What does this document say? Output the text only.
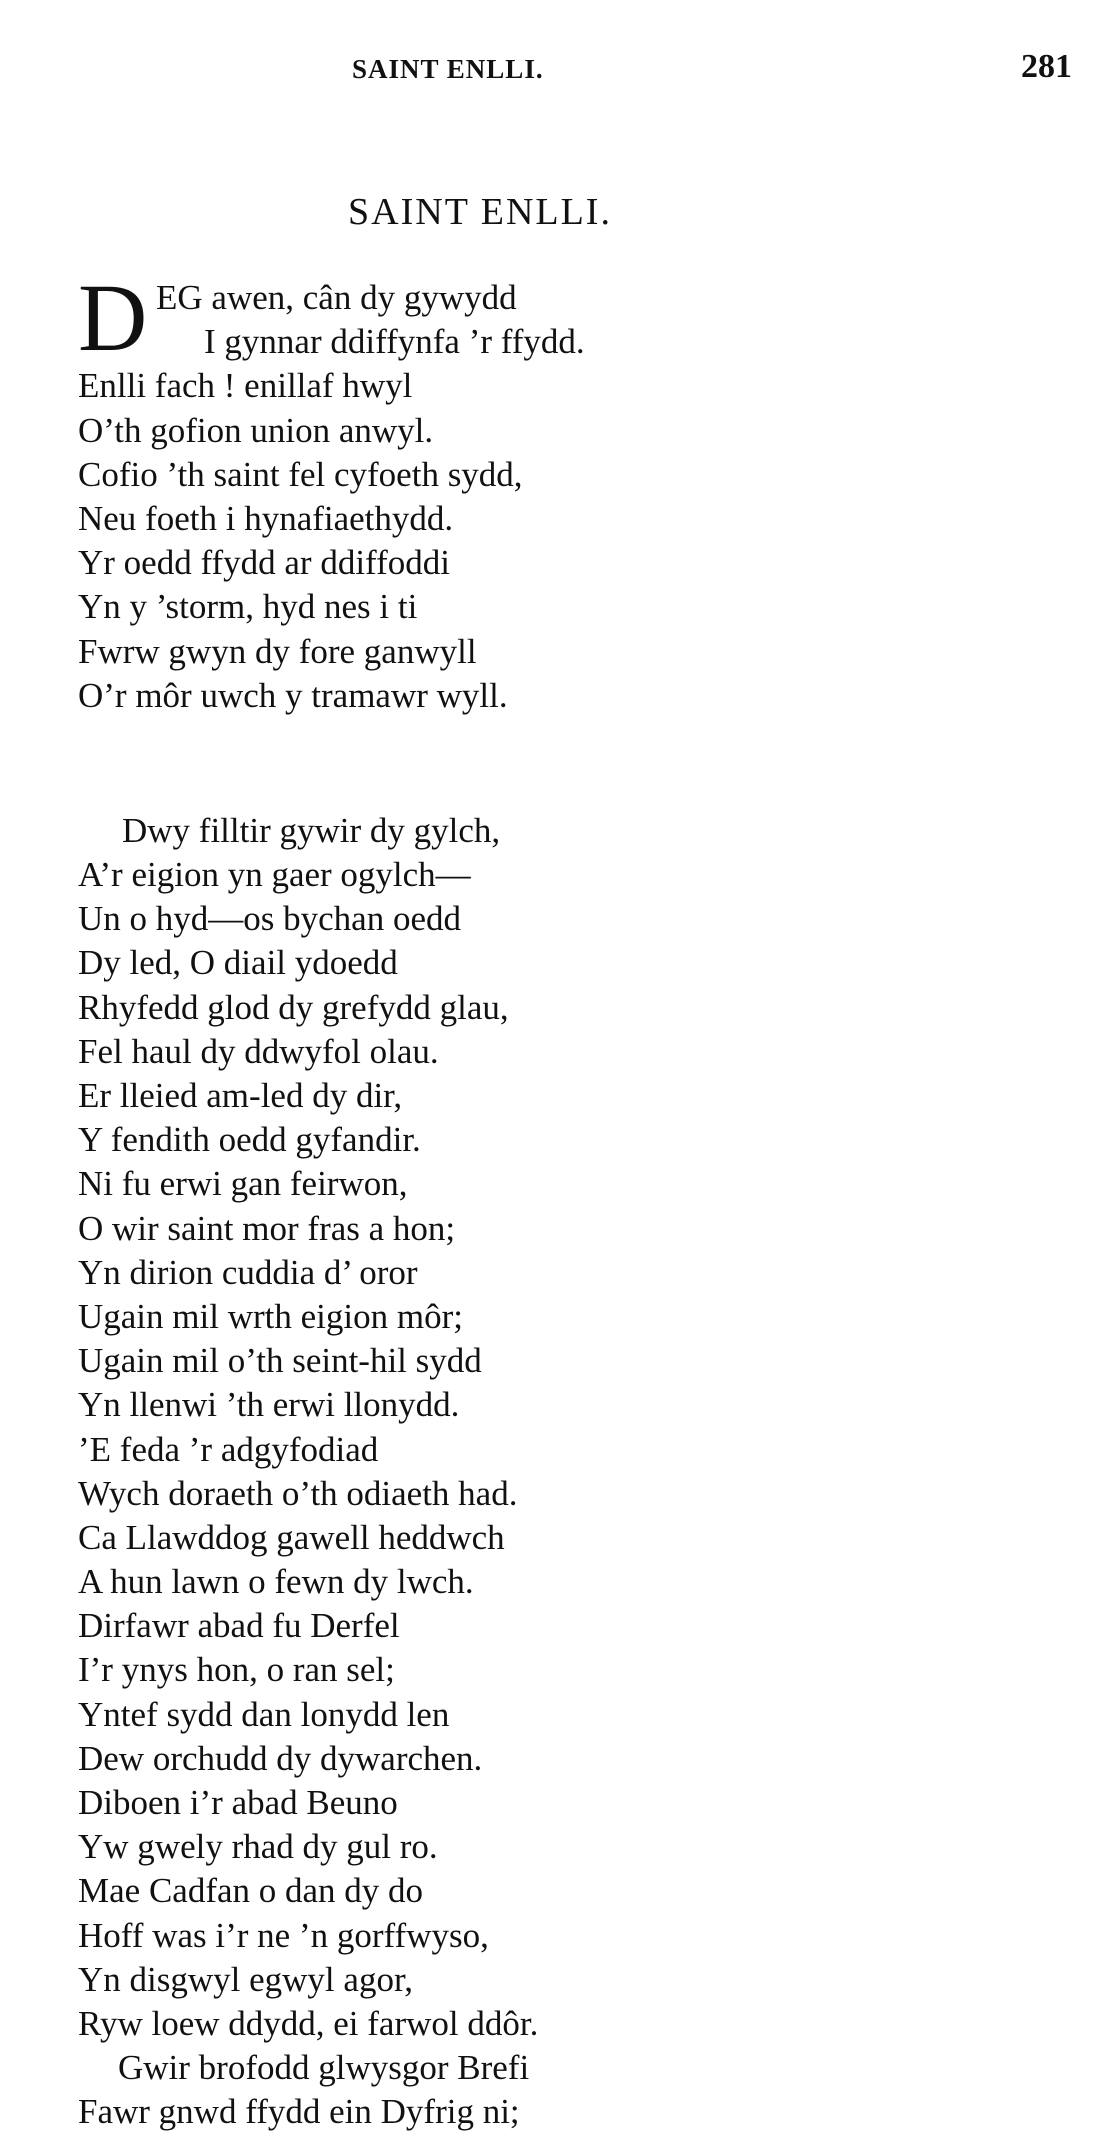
SAINT ENLLI.	281
SAINT ENLLI.
D EG awen, cân dy gywydd
I gynnar ddiffynfa ’r ffydd.
Enlli fach ! enillaf hwyl
O’th gofion union anwyl.
Cofio ’th saint fel cyfoeth sydd,
Neu foeth i hynafiaethydd.
Yr oedd ffydd ar ddiffoddi
Yn y ’storm, hyd nes i ti
Fwrw gwyn dy fore ganwyll
O’r môr uwch y tramawr wyll.
Dwy filltir gywir dy gylch,
A’r eigion yn gaer ogylch—
Un o hyd—os bychan oedd
Dy led, O diail ydoedd
Rhyfedd glod dy grefydd glau,
Fel haul dy ddwyfol olau.
Er lleied am-led dy dir,
Y fendith oedd gyfandir.
Ni fu erwi gan feirwon,
O wir saint mor fras a hon;
Yn dirion cuddia d’ oror
Ugain mil wrth eigion môr;
Ugain mil o’th seint-hil sydd
Yn llenwi ’th erwi llonydd.
’E feda ’r adgyfodiad
Wych doraeth o’th odiaeth had.
Ca Llawddog gawell heddwch
A hun lawn o fewn dy lwch.
Dirfawr abad fu Derfel
I’r ynys hon, o ran sel;
Yntef sydd dan lonydd len
Dew orchudd dy dywarchen.
Diboen i’r abad Beuno
Yw gwely rhad dy gul ro.
Mae Cadfan o dan dy do
Hoff was i’r ne ’n gorffwyso,
Yn disgwyl egwyl agor,
Ryw loew ddydd, ei farwol ddôr.
Gwir brofodd glwysgor Brefi
Fawr gnwd ffydd ein Dyfrig ni;
